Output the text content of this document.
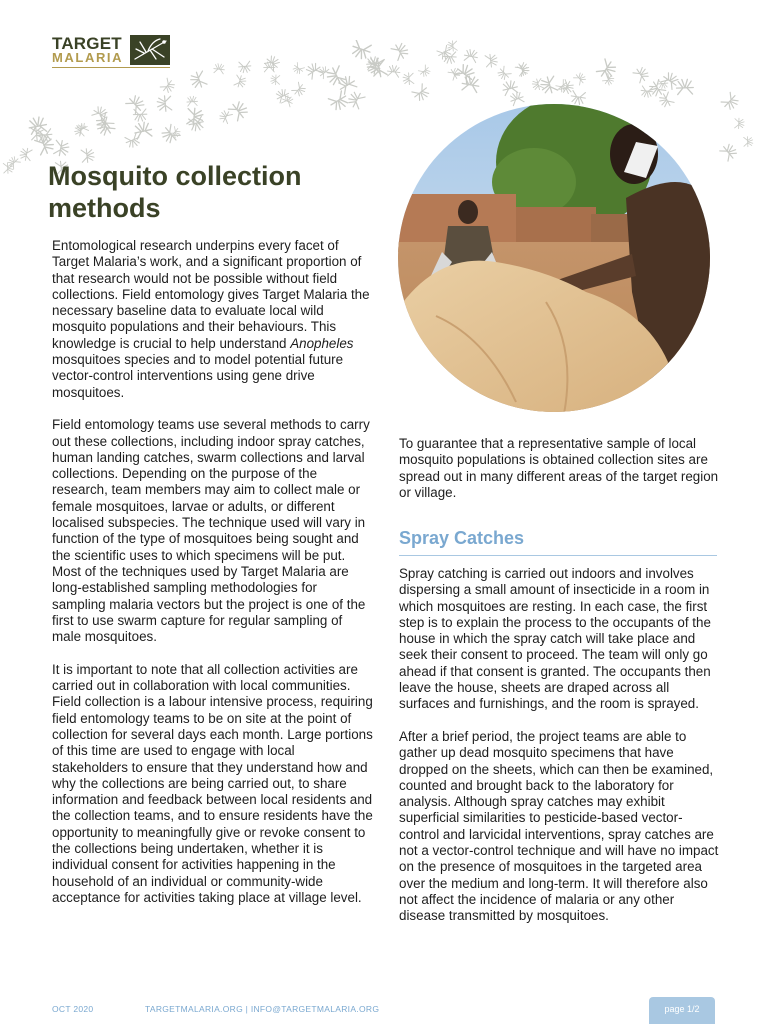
TARGET
MALARIA
Mosquito collection methods

Entomological research underpins every facet of Target Malaria’s work, and a significant proportion of that research would not be possible without field collections. Field entomology gives Target Malaria the necessary baseline data to evaluate local wild mosquito populations and their behaviours. This knowledge is crucial to help understand Anopheles mosquitoes species and to model potential future vector-control interventions using gene drive mosquitoes.

Field entomology teams use several methods to carry out these collections, including indoor spray catches, human landing catches, swarm collections and larval collections. Depending on the purpose of the research, team members may aim to collect male or female mosquitoes, larvae or adults, or different localised subspecies. The technique used will vary in function of the type of mosquitoes being sought and the scientific uses to which specimens will be put. Most of the techniques used by Target Malaria are long-established sampling methodologies for sampling malaria vectors but the project is one of the first to use swarm capture for regular sampling of male mosquitoes.

It is important to note that all collection activities are carried out in collaboration with local communities. Field collection is a labour intensive process, requiring field entomology teams to be on site at the point of collection for several days each month. Large portions of this time are used to engage with local stakeholders to ensure that they understand how and why the collections are being carried out, to share information and feedback between local residents and the collection teams, and to ensure residents have the opportunity to meaningfully give or revoke consent to the collections being undertaken, whether it is individual consent for activities happening in the household of an individual or community-wide acceptance for activities taking place at village level.

To guarantee that a representative sample of local mosquito populations is obtained collection sites are spread out in many different areas of the target region or village.

Spray Catches

Spray catching is carried out indoors and involves dispersing a small amount of insecticide in a room in which mosquitoes are resting. In each case, the first step is to explain the process to the occupants of the house in which the spray catch will take place and seek their consent to proceed. The team will only go ahead if that consent is granted. The occupants then leave the house, sheets are draped across all surfaces and furnishings, and the room is sprayed.

After a brief period, the project teams are able to gather up dead mosquito specimens that have dropped on the sheets, which can then be examined, counted and brought back to the laboratory for analysis. Although spray catches may exhibit superficial similarities to pesticide-based vector-control and larvicidal interventions, spray catches are not a vector-control technique and will have no impact on the presence of mosquitoes in the targeted area over the medium and long-term. It will therefore also not affect the incidence of malaria or any other disease transmitted by mosquitoes.

OCT 2020	TARGETMALARIA.ORG | INFO@TARGETMALARIA.ORG	page 1/2
